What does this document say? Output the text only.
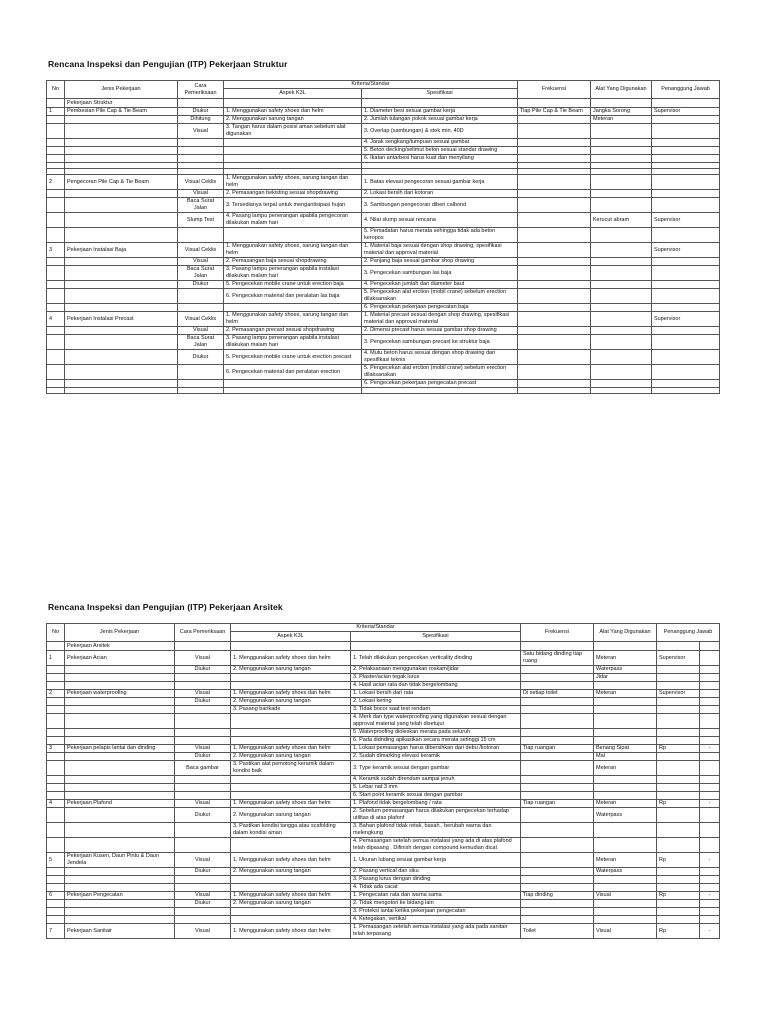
Rencana Inspeksi dan Pengujian (ITP) Pekerjaan Struktur
No	Jenis Pekerjaan	Cara Pemeriksaan	Kriteria/Standar		Frekuensi	Alat Yang Digunakan	Penanggung Jawab
			Aspek K3L	Spesifikasi			
	Pekerjaan Struktur						
1	Pembesian Pile Cap & Tie Beam	Diukur	1. Menggunakan safety shoes dan helm	1. Diameter besi sesuai gambar kerja	Tiap Pile Cap & Tie Beam	Jangka Sorong	Supervisor
		Dihitung	2. Menggunakan sarung tangan	2. Jumlah tulangan pokok sesuai gambar kerja		Meteran	
		Visual	3. Tangan harus dalam posisi aman sebelum alat digunakan	3. Overlap (sambungan) & stek min. 40D			
				4. Jarak sengkang/tumpuan sesuai gambar			
				5. Beton decking/selimut beton sesuai standar drawing			
				6. Ikatan antarbesi harus kuat dan menyilang			

2	Pengecoran Pile Cap & Tie Beam	Visual Ceklis	1. Menggunakan safety shoes, sarung tangan dan helm	1. Batas elevasi pengecoran sesuai gambar kerja			
		Visual	2. Pemasangan bekisting sesuai shopdrawing	2. Lokasi bersih dari kotoran			
		Baca Surat Jalan	3. Tersedianya terpal untuk mengantisipasi hujan	3. Sambungan pengecoran diberi calbond			
		Slump Test	4. Pasang lampu penerangan apabila pengecoran dilakukan malam hari	4. Nilai slump sesuai rencana		Kerucut abram	Supervisor
				5. Pemadatan harus merata sehingga tidak ada beton keropos			
3	Pekerjaan Instalasi Baja	Visual Ceklis	1. Menggunakan safety shoes, sarung tangan dan helm	1. Material baja sesuai dengan shop drawing, spesifikasi material dan approval material			Supervisor
		Visual	2. Pemasangan baja sesuai shopdrawing	2. Panjang baja sesuai gambar shop drawing			
		Baca Surat Jalan	3. Pasang lampu penerangan apabila instalasi dilakukan malam hari	3. Pengecekan sambungan las baja			
		Diukur	5. Pengecekan mobile crane untuk erection baja	4. Pengecekan jumlah dan diameter baut			
			6. Pengecekan material dan peralatan las baja	5. Pengecekan alat erction (mobil crane) sebelum erection dilaksanakan			
				6. Pengecekan pekerjaan pengecatan baja			
4	Pekerjaan Instalasi Precast	Visual Ceklis	1. Menggunakan safety shoes, sarung tangan dan helm	1. Material precast sesuai dengan shop drawing, spesifikasi material dan approval material			Supervisor
		Visual	2. Pemasangan precast sesuai shopdrawing	2. Dimensi precast harus sesuai gambar shop drawing			
		Baca Surat Jalan	3. Pasang lampu penerangan apabila instalasi dilakukan malam hari	3. Pengecekan sambungan precast ke struktur baja			
		Diukur	5. Pengecekan mobile crane untuk erection precast	4. Mutu beton harus sesuai dengan shop drawing dan spesifikasi teknis			
			6. Pengecekan material dan peralatan erection	5. Pengecekan alat erction (mobil crane) sebelum erection dilaksanakan			
				6. Pengecekan pekerjaan pengecatan precast			

Rencana Inspeksi dan Pengujian (ITP) Pekerjaan Arsitek
No	Jenis Pekerjaan	Cara Pemeriksaan	Kriteria/Standar		Frekuensi	Alat Yang Digunakan	Penanggung Jawab	
			Aspek K3L	Spesifikasi				
	Pekerjaan Arsitek							
1	Pekerjaan Acian	Visual	1. Menggunakan safety shoes dan helm	1. Telah dilakukan pengecekan verticality dinding	Satu bidang dinding tiap ruang	Meteran	Supervisor	
		Diukur	2. Menggunakan sarung tangan	2. Pelaksanaan menggunakan roskam/jidar		Waterpass		
				3. Plaster/acian tegak lurus		Jidar		
				4. Hasil acian rata dan tidak bergelombang				
2	Pekerjaan waterproofing	Visual	1. Menggunakan safety shoes dan helm	1. Lokasi bersih dari rata	Di setiap toilet	Meteran	Supervisor	
		Diukur	2. Menggunakan sarung tangan	2. Lokasi kering				
			3. Pasang barikade	3. Tidak bocor saat test rendam				
				4. Merk dan type waterproofing yang digunakan sesuai dengan approval material yang telah disetujui				
				5 .Waterproofing dioleskan merata pada seluruh				
				6. Pada didnding apikasikan secara merata setinggi 15 cm				
3	Pekerjaan pelapis lantai dan dinding	Visual	1. Menggunakan safety shoes dan helm	1. Lokasi pemasangan harus dibersihkan dari debu /kotoran	Tiap ruangan	Benang Sipat	Rp	-
		Diukur	2. Menggunakan sarung tangan	2. Sudah dimarking elevasi keramik		Mal		
		Baca gambar	3. Pastikan alat pemotong keramik dalam kondisi baik	3. Type keramik sesuai dengan gambar		Meteran		
				4. Keramik sudah direndam sampai jenuh				
				5. Lebar nat 3 mm				
				6. Start point keramik sesuai dengan gambar				
4	Pekerjaan Plafond	Visual	1. Menggunakan safety shoes dan helm	1. Plafond tidak bergelombang / rata	Tiap ruangan	Meteran	Rp	-
		Diukur	2. Menggunakan sarung tangan	2. Sebelum pemasangan harus dilakukan pengecekan terhadap utilitas di atas plafonf		Waterpass		
			3. Pastikan kondisi tangga atau scafolding dalam kondisi aman	3. Bahan plafond tidak retak, basah , berubah warna dan melengkung				
				4. Pemasangan setelah semua instalasi yang ada di atas plafond telah dipasang . Difinish dengan compound kemudian dicat				
5	Pekerjaan Kusen, Daun Pintu & Daun Jendela	Visual	1. Menggunakan safety shoes dan helm	1. Ukuran lubang sesuai gambar kerja		Meteran	Rp	-
		Diukur	2. Menggunakan sarung tangan	2. Pasang vertical dan siku		Waterpass		
				3. Pasang lurus dengan dinding				
				4. Tidak ada cacat				
6	Pekerjaan Pengecatan	Visual	1. Menggunakan safety shoes dan helm	1. Pengecatan rata dan warna sama	Tiap dinding	Visual	Rp	-
		Diukur	2. Menggunakan sarung tangan	2. Tidak mengotori ke bidang lain				
				3. Proteksi lantai ketika pekerjaan pengecatan				
				4. Ketegakan, vertikal				
7	Pekerjaan Sanitair	Visual	1. Menggunakan safety shoes dan helm	1. Pemasangan setelah semua instalasi yang ada pada sanitair telah terpasang	Toilet	Visual	Rp	-
